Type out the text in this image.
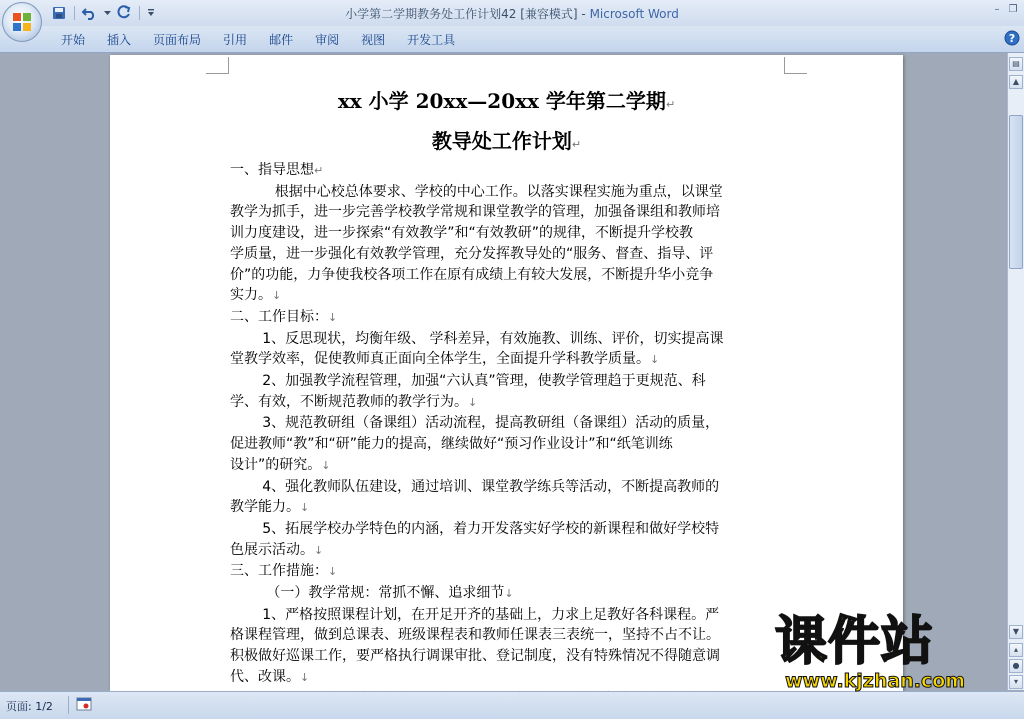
小学第二学期教务处工作计划42 [兼容模式] - Microsoft Word	– ❐
开始	插入	页面布局	引用	邮件	审阅	视图	开发工具	?
xx 小学 20xx—20xx 学年第二学期↵
教导处工作计划↵

一、指导思想↵

根据中心校总体要求、学校的中心工作。以落实课程实施为重点，以课堂

教学为抓手，进一步完善学校教学常规和课堂教学的管理，加强备课组和教师培

训力度建设，进一步探索“有效教学”和“有效教研”的规律，不断提升学校教

学质量，进一步强化有效教学管理，充分发挥教导处的“服务、督查、指导、评

价”的功能，力争使我校各项工作在原有成绩上有较大发展，不断提升华小竞争

实力。↓

二、工作目标：↓

1、反思现状，均衡年级、 学科差异，有效施教、训练、评价，切实提高课

堂教学效率，促使教师真正面向全体学生，全面提升学科教学质量。↓

2、加强教学流程管理，加强“六认真”管理，使教学管理趋于更规范、科

学、有效，不断规范教师的教学行为。↓

3、规范教研组（备课组）活动流程，提高教研组（备课组）活动的质量，

促进教师“教”和“研”能力的提高，继续做好“预习作业设计”和“纸笔训练

设计”的研究。↓

4、强化教师队伍建设，通过培训、课堂教学练兵等活动，不断提高教师的

教学能力。↓

5、拓展学校办学特色的内涵，着力开发落实好学校的新课程和做好学校特

色展示活动。↓

三、工作措施：↓

（一）教学常规：常抓不懈、追求细节↓

1、严格按照课程计划，在开足开齐的基础上，力求上足教好各科课程。严

格课程管理，做到总课表、班级课程表和教师任课表三表统一，坚持不占不让。

积极做好巡课工作，要严格执行调课审批、登记制度，没有特殊情况不得随意调

代、改课。↓

▤
▲
▼
▴
●
▾
页面: 1/2
课件站
www.kjzhan.com
